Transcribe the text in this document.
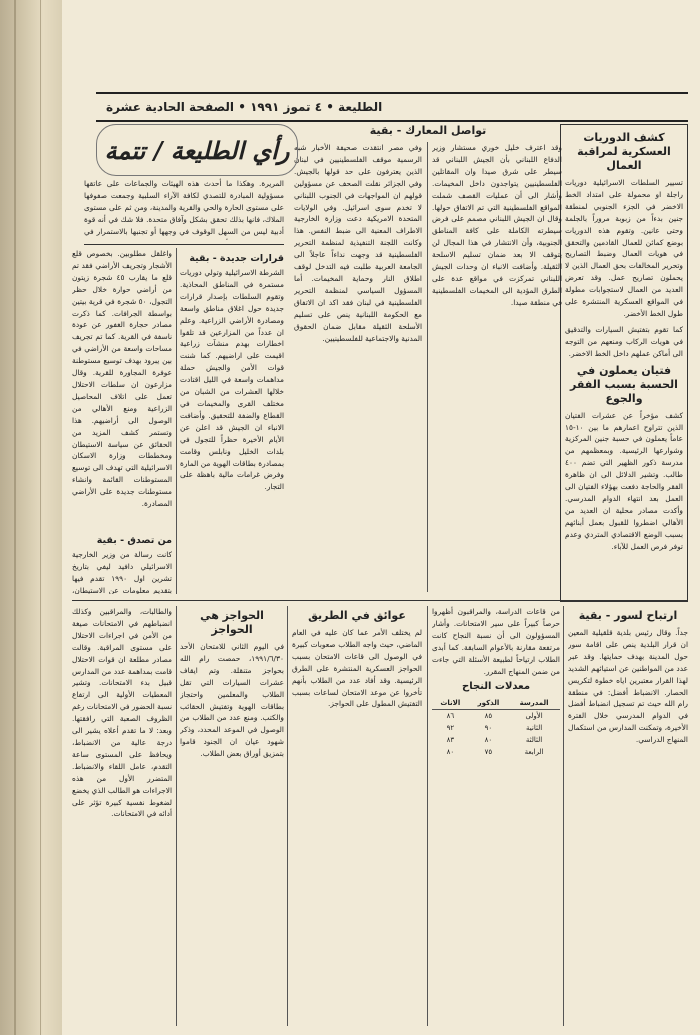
الطليعة • ٤ تموز ١٩٩١ • الصفحة الحادية عشرة
كشف الدوريات العسكرية لمراقبة العمال

تسيير السلطات الاسرائيلية دوريات راجلة او محمولة على امتداد الخط الاخضر في الجزء الجنوبي لمنطقة جنين بدءاً من زبوبة مروراً بالجلمة وحتى عانين. وتقوم هذه الدوريات بوضع كمائن للعمال القادمين والتحقق في هويات العمال وضبط التصاريح وتحرير المخالفات بحق العمال الذين لا يحملون تصاريح عمل. وقد تعرض العديد من العمال لاستجوابات مطولة في المواقع العسكرية المنتشرة على طول الخط الأخضر.

كما تقوم بتفتيش السيارات والتدقيق في هويات الركاب ومنعهم من التوجه الى أماكن عملهم داخل الخط الاخضر.

فتيان يعملون في الحسبة بسبب الفقر والجوع

كشف مؤخراً عن عشرات الفتيان الذين تتراوح اعمارهم ما بين ١٠-١٥ عاماً يعملون في حسبة جنين المركزية وشوارعها الرئيسية. وبمعظمهم من مدرسة ذكور الظهير التي تضم ٤٠٠ طالب. وتشير الدلائل الى ان ظاهرة الفقر والحاجة دفعت بهؤلاء الفتيان الى العمل بعد انتهاء الدوام المدرسي. وأكدت مصادر محلية ان العديد من الأهالي اضطروا للقبول بعمل أبنائهم بسبب الوضع الاقتصادي المتردي وعدم توفر فرص العمل للآباء.

تواصل المعارك - بقية

وقد اعترف خليل خوري مستشار وزير الدفاع اللبناني بأن الجيش اللبناني قد سيطر على شرق صيدا وان المقاتلين الفلسطينيين يتواجدون داخل المخيمات. وأشار الى أن عمليات القصف شملت المواقع الفلسطينية التي تم الاتفاق حولها. وقال ان الجيش اللبناني مصمم على فرض سيطرته الكاملة على كافة المناطق الجنوبية، وأن الانتشار في هذا المجال لن يتوقف الا بعد ضمان تسليم الاسلحة الثقيلة. وأضافت الانباء ان وحدات الجيش اللبناني تمركزت في مواقع عدة على الطرق المؤدية الى المخيمات الفلسطينية في منطقة صيدا.

وفي مصر انتقدت صحيفة الأخبار شبه الرسمية موقف الفلسطينيين في لبنان الذين يعترفون على حد قولها بالجيش. وفي الجزائر نقلت الصحف عن مسؤولين قولهم ان المواجهات في الجنوب اللبناني لا تخدم سوى اسرائيل. وفي الولايات المتحدة الامريكية دعت وزارة الخارجية الاطراف المعنية الى ضبط النفس. هذا وكانت اللجنة التنفيذية لمنظمة التحرير الفلسطينية قد وجهت نداءاً عاجلاً الى الجامعة العربية طلبت فيه التدخل لوقف اطلاق النار وحماية المخيمات. أما المسؤول السياسي لمنظمة التحرير الفلسطينية في لبنان فقد اكد ان الاتفاق مع الحكومة اللبنانية ينص على تسليم الأسلحة الثقيلة مقابل ضمان الحقوق المدنية والاجتماعية للفلسطينيين.

رأي الطليعة / تتمة

المريرة. وهكذا ما أحدث هذه الهيئات والجماعات على عاتقها مسؤولية المبادرة للتصدي لكافة الآراء السلبية وجمعت صفوفها على مستوى الحارة والحي والقرية والمدينة، ومن ثم على مستوى الملاك، فانها بذلك تحقق بشكل وآفاق متحدة. فلا شك في أنه قوة أدبية ليس من السهل الوقوف في وجهها أو تجنبها بالاستمرار في

قرارات جديدة - بقية

الشرطة الاسرائيلية وتولي دوريات مستمرة في المناطق المحاذية. وتقوم السلطات بإصدار قرارات جديدة حول اغلاق مناطق واسعة ومصادرة الأراضي الزراعية. وعلم ان عدداً من المزارعين قد تلقوا اخطارات بهدم منشآت زراعية اقيمت على اراضيهم. كما شنت قوات الأمن والجيش حملة مداهمات واسعة في الليل اقتادت خلالها العشرات من الشبان من مختلف القرى والمخيمات في القطاع والضفة للتحقيق. وأضافت الانباء ان الجيش قد اعلن عن الأيام الأخيرة حظراً للتجول في بلدات الخليل ونابلس وقامت بمصادرة بطاقات الهوية من المارة وفرض غرامات مالية باهظة على التجار.

واغلقل مطلوبين. بخصوص قلع الأشجار وتجريف الأراضي فقد تم قلع ما يقارب ٤٥ شجرة زيتون من أراضي حوارة خلال حظر التجول، ٥٠ شجرة في قرية بيتين بواسطة الجرافات. كما ذكرت مصادر حجارة الغفور عن عودة ناسفة في القرية. كما تم تجريف مساحات واسعة من الأراضي في بين يبرود بهدف توسيع مستوطنة عوفرة المجاورة للقرية. وقال مزارعون ان سلطات الاحتلال تعمل على اتلاف المحاصيل الزراعية ومنع الأهالي من الوصول الى أراضيهم. هذا وتستمر كشف المزيد من الحقائق عن سياسة الاستيطان ومخططات وزارة الاسكان الاسرائيلية التي تهدف الى توسيع المستوطنات القائمة وانشاء مستوطنات جديدة على الأراضي المصادرة.

من تصدق - بقية

كانت رسالة من وزير الخارجية الاسرائيلي دافيد ليفي بتاريخ تشرين اول ١٩٩٠ تقدم فيها بتقديم معلومات عن الاستيطان،

ارتباح لسور - بقية

جداً. وقال رئيس بلدية قلقيلية المعين ان قرار البلدية ينص على اقامة سور حول المدينة بهدف حمايتها. وقد عبر عدد من المواطنين عن استيائهم الشديد لهذا القرار معتبرين اياه خطوة لتكريس الحصار. الانضباط أفضل: في منطقة رام الله حيث تم تسجيل انضباط أفضل في الدوام المدرسي خلال الفترة الأخيرة، وتمكنت المدارس من استكمال المنهاج الدراسي.

من قاعات الدراسة، والمراقبون أظهروا حرصاً كبيراً على سير الامتحانات. وأشار المسؤولون الى أن نسبة النجاح كانت مرتفعة مقارنة بالأعوام السابقة. كما أبدى الطلاب ارتياحاً لطبيعة الأسئلة التي جاءت من ضمن المنهاج المقرر.

معدلات النجاح
المدرسة	الذكور	الاناث
الأولى	٨٥	٨٦
الثانية	٩٠	٩٢
الثالثة	٨٠	٨٣
الرابعة	٧٥	٨٠
عوائق في الطريق

لم يختلف الأمر عما كان عليه في العام الماضي، حيث واجه الطلاب صعوبات كبيرة في الوصول الى قاعات الامتحان بسبب الحواجز العسكرية المنتشرة على الطرق الرئيسية. وقد أفاد عدد من الطلاب بأنهم تأخروا عن موعد الامتحان لساعات بسبب التفتيش المطول على الحواجز.

الحواجز هي الحواجز

في اليوم الثاني للامتحان الأحد ١٩٩١/٦/٣٠، حمصت رام الله بحواجز متنقلة. وتم ايقاف عشرات السيارات التي تقل الطلاب والمعلمين واحتجاز بطاقات الهوية وتفتيش الحقائب والكتب. ومنع عدد من الطلاب من الوصول في الموعد المحدد، وذكر شهود عيان ان الجنود قاموا بتمزيق أوراق بعض الطلاب.

والطالبات، والمراقبين وكذلك انضباطهم في الامتحانات صيغة من الأمن في اجراءات الاحتلال على مستوى المراقبة. وقالت مصادر مطلعة ان قوات الاحتلال قامت بمداهمة عدد من المدارس قبيل بدء الامتحانات. وتشير المعطيات الأولية الى ارتفاع نسبة الحضور في الامتحانات رغم الظروف الصعبة التي رافقتها. وبعد: لا ما تقدم أعلاه يشير الى درجة عالية من الانضباط، ويحافظ على المستوى ساعة التقدم، عامل اللقاء والانضباط. المتضرر الأول من هذه الاجراءات هو الطالب الذي يخضع لضغوط نفسية كبيرة تؤثر على أدائه في الامتحانات.
